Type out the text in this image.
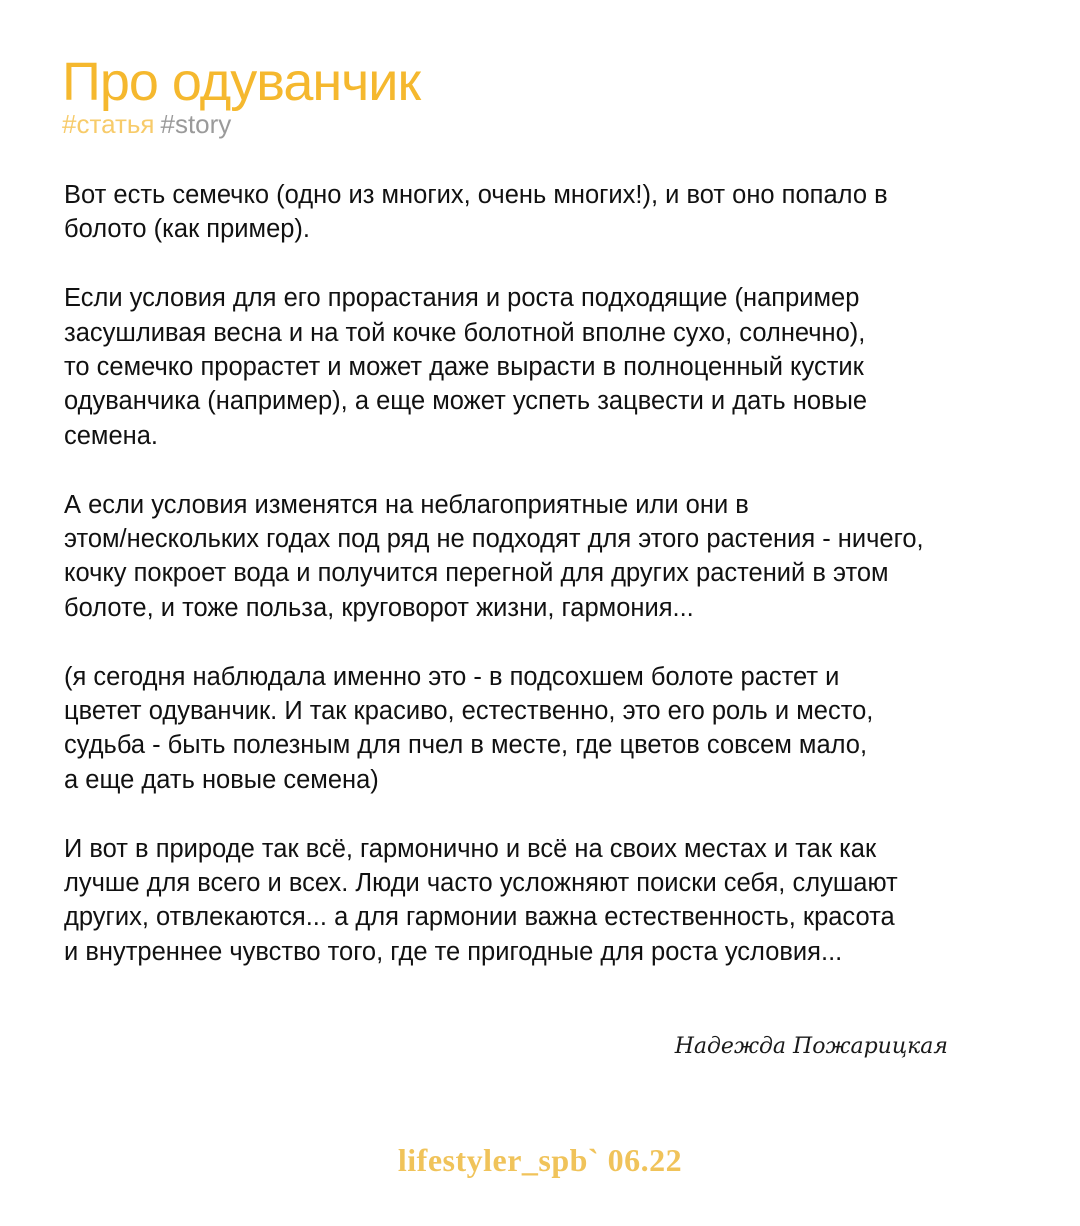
Про одуванчик
#статья #story

Вот есть семечко (одно из многих, очень многих!), и вот оно попало в
болото (как пример).

Если условия для его прорастания и роста подходящие (например
засушливая весна и на той кочке болотной вполне сухо, солнечно),
то семечко прорастет и может даже вырасти в полноценный кустик
одуванчика (например), а еще может успеть зацвести и дать новые
семена.

А если условия изменятся на неблагоприятные или они в
этом/нескольких годах под ряд не подходят для этого растения - ничего,
кочку покроет вода и получится перегной для других растений в этом
болоте, и тоже польза, круговорот жизни, гармония...

(я сегодня наблюдала именно это - в подсохшем болоте растет и
цветет одуванчик. И так красиво, естественно, это его роль и место,
судьба - быть полезным для пчел в месте, где цветов совсем мало,
а еще дать новые семена)

И вот в природе так всё, гармонично и всё на своих местах и так как
лучше для всего и всех. Люди часто усложняют поиски себя, слушают
других, отвлекаются... а для гармонии важна естественность, красота
и внутреннее чувство того, где те пригодные для роста условия...

Надежда Пожарицкая
lifestyler_spb` 06.22
